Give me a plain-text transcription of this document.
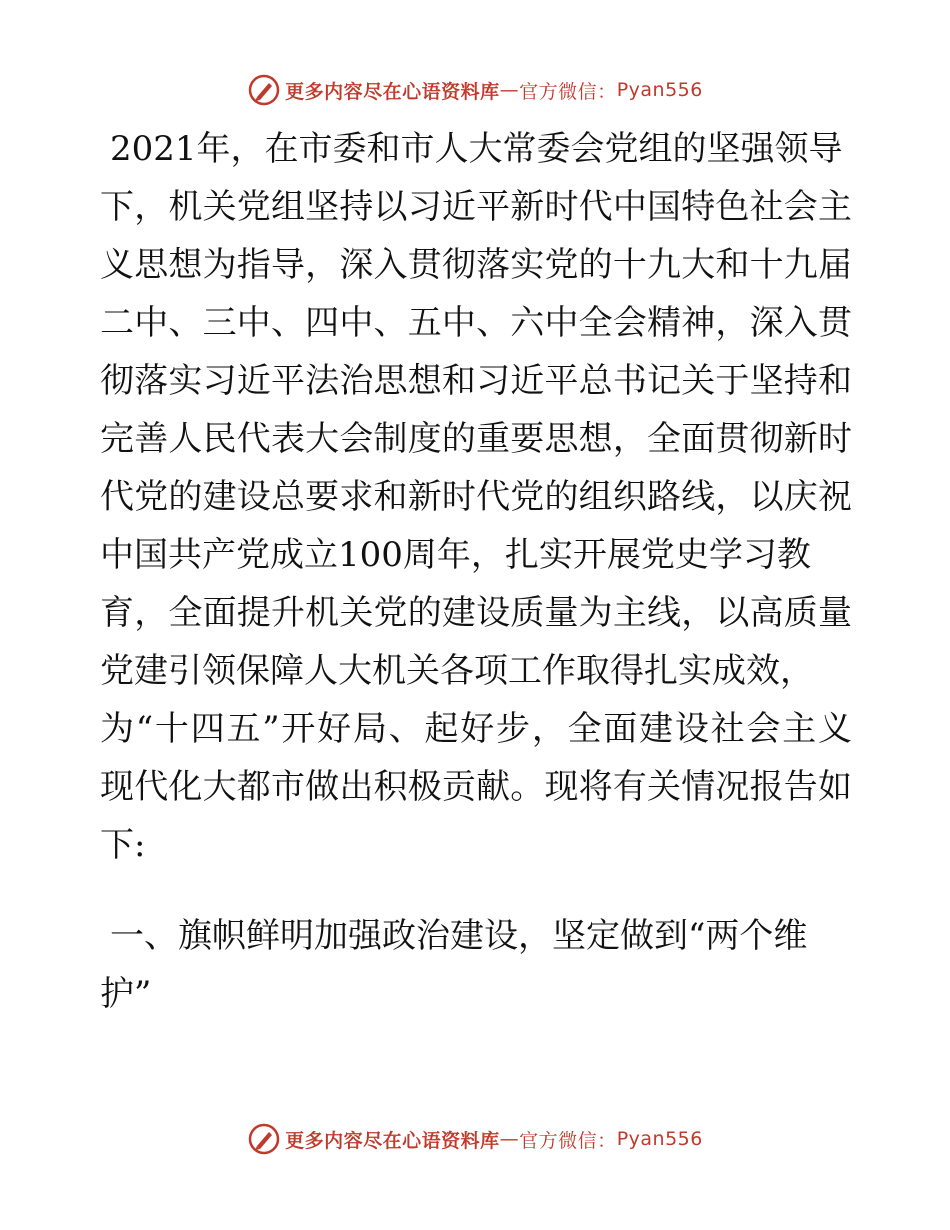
更多内容尽在心语资料库 — 官方微信： Pyan556
2021年，在市委和市人大常委会党组的坚强领导
下，机关党组坚持以习近平新时代中国特色社会主
义思想为指导，深入贯彻落实党的十九大和十九届
二中、三中、四中、五中、六中全会精神，深入贯
彻落实习近平法治思想和习近平总书记关于坚持和
完善人民代表大会制度的重要思想，全面贯彻新时
代党的建设总要求和新时代党的组织路线，以庆祝
中国共产党成立100周年，扎实开展党史学习教
育，全面提升机关党的建设质量为主线，以高质量
党建引领保障人大机关各项工作取得扎实成效，
为“十四五”开好局、起好步，全面建设社会主义
现代化大都市做出积极贡献。现将有关情况报告如
下:
一、旗帜鲜明加强政治建设，坚定做到“两个维
护”
更多内容尽在心语资料库 — 官方微信： Pyan556
